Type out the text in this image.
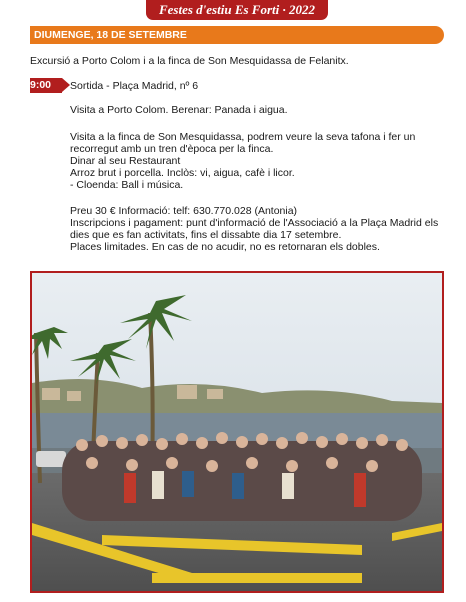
Festes d'estiu Es Forti · 2022
DIUMENGE, 18 DE SETEMBRE
Excursió a Porto Colom i a la finca de Son Mesquidassa de Felanitx.
9:00 h.
Sortida - Plaça Madrid, nº 6
Visita a Porto Colom. Berenar: Panada i aigua.
Visita a la finca de Son Mesquidassa, podrem veure la seva tafona i fer un
recorregut amb un tren d'època per la finca.
Dinar al seu Restaurant
Arroz brut i porcella. Inclòs: vi, aigua, cafè i licor.
- Cloenda: Ball i música.
Preu 30 € Informació: telf: 630.770.028 (Antonia)
Inscripcions i pagament: punt d'informació de l'Associació a la Plaça Madrid els
dies que es fan activitats, fins el dissabte dia 17 setembre.
Places limitades. En cas de no acudir, no es retornaran els dobles.
